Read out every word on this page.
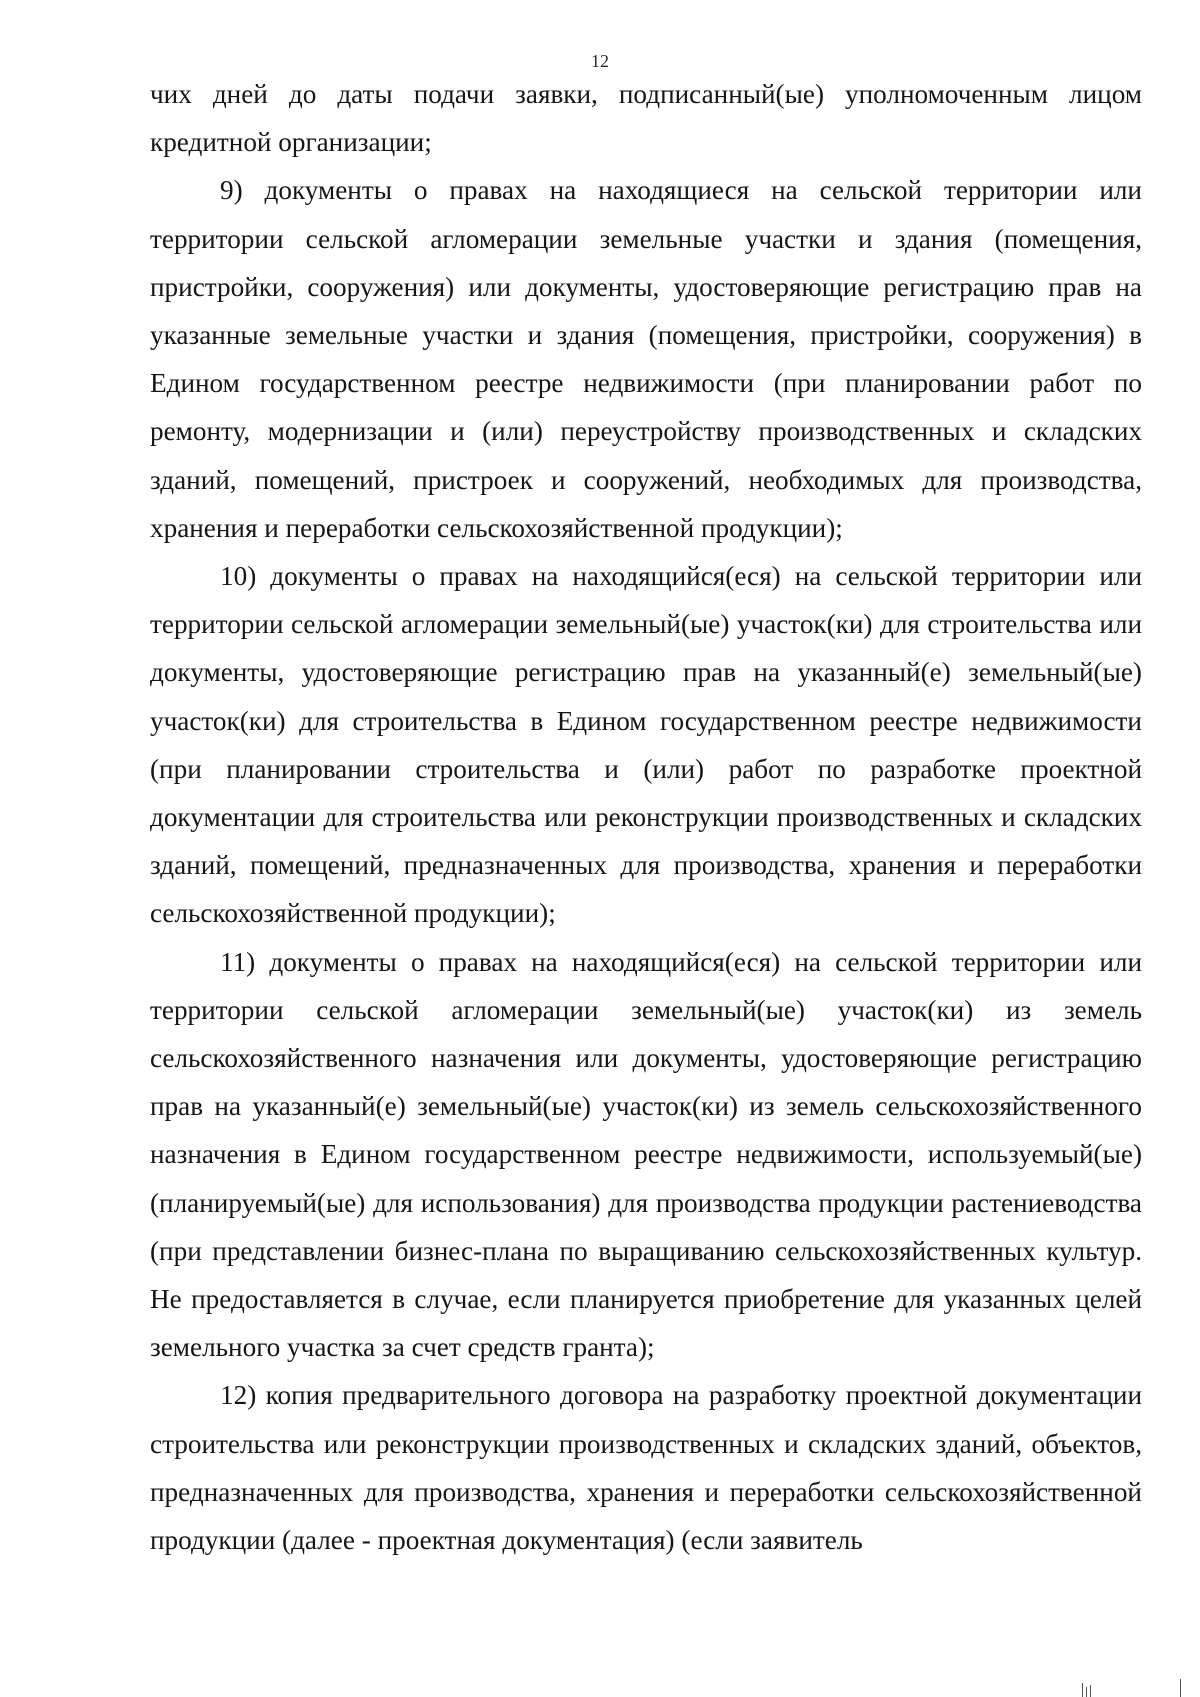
12

чих дней до даты подачи заявки, подписанный(ые) уполномоченным лицом кредитной организации;

9) документы о правах на находящиеся на сельской территории или территории сельской агломерации земельные участки и здания (помещения, пристройки, сооружения) или документы, удостоверяющие регистрацию прав на указанные земельные участки и здания (помещения, пристройки, сооружения) в Едином государственном реестре недвижимости (при планировании работ по ремонту, модернизации и (или) переустройству производственных и складских зданий, помещений, пристроек и сооружений, необходимых для производства, хранения и переработки сельскохозяйственной продукции);

10) документы о правах на находящийся(еся) на сельской территории или территории сельской агломерации земельный(ые) участок(ки) для строительства или документы, удостоверяющие регистрацию прав на указанный(е) земельный(ые) участок(ки) для строительства в Едином государственном реестре недвижимости (при планировании строительства и (или) работ по разработке проектной документации для строительства или реконструкции производственных и складских зданий, помещений, предназначенных для производства, хранения и переработки сельскохозяйственной продукции);

11) документы о правах на находящийся(еся) на сельской территории или территории сельской агломерации земельный(ые) участок(ки) из земель сельскохозяйственного назначения или документы, удостоверяющие регистрацию прав на указанный(е) земельный(ые) участок(ки) из земель сельскохозяйственного назначения в Едином государственном реестре недвижимости, используемый(ые) (планируемый(ые) для использования) для производства продукции растениеводства (при представлении бизнес-плана по выращиванию сельскохозяйственных культур. Не предоставляется в случае, если планируется приобретение для указанных целей земельного участка за счет средств гранта);

12) копия предварительного договора на разработку проектной документации строительства или реконструкции производственных и складских зданий, объектов, предназначенных для производства, хранения и переработки сельскохозяйственной продукции (далее - проектная документация) (если заявитель
